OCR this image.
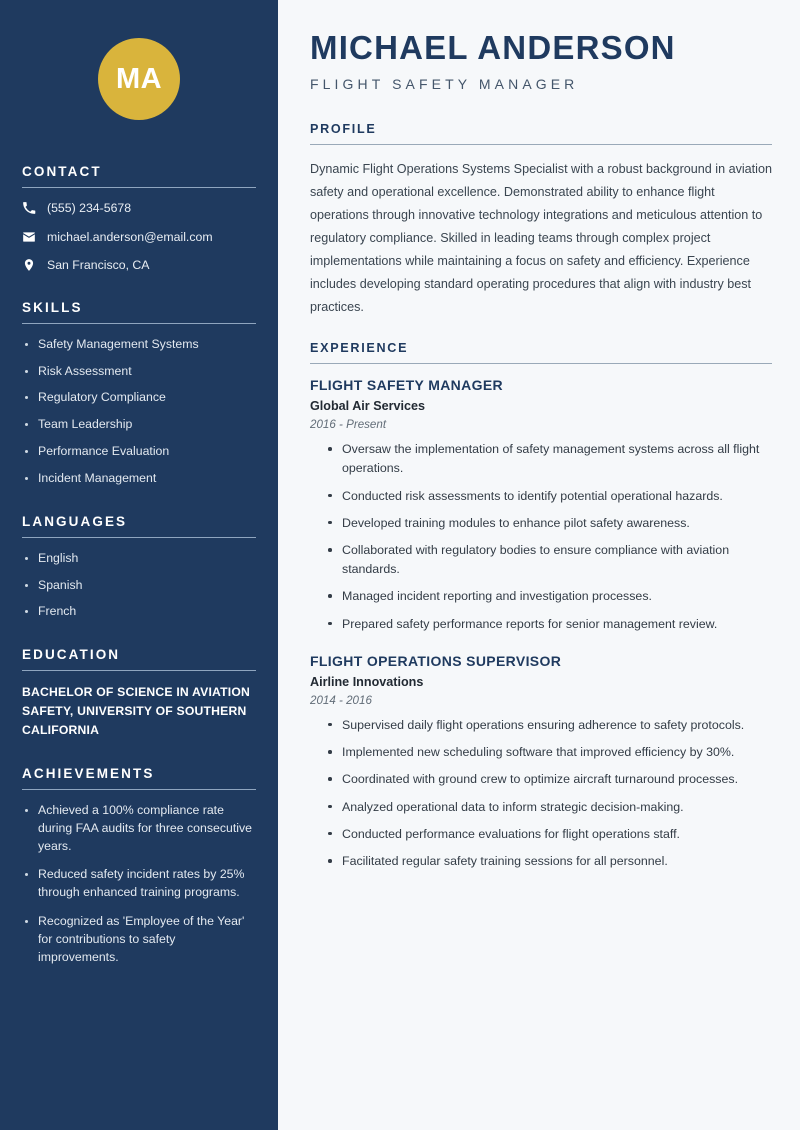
MA
CONTACT
(555) 234-5678
michael.anderson@email.com
San Francisco, CA
SKILLS
Safety Management Systems
Risk Assessment
Regulatory Compliance
Team Leadership
Performance Evaluation
Incident Management
LANGUAGES
English
Spanish
French
EDUCATION
BACHELOR OF SCIENCE IN AVIATION SAFETY, UNIVERSITY OF SOUTHERN CALIFORNIA
ACHIEVEMENTS
Achieved a 100% compliance rate during FAA audits for three consecutive years.
Reduced safety incident rates by 25% through enhanced training programs.
Recognized as 'Employee of the Year' for contributions to safety improvements.
MICHAEL ANDERSON
FLIGHT SAFETY MANAGER
PROFILE

Dynamic Flight Operations Systems Specialist with a robust background in aviation safety and operational excellence. Demonstrated ability to enhance flight operations through innovative technology integrations and meticulous attention to regulatory compliance. Skilled in leading teams through complex project implementations while maintaining a focus on safety and efficiency. Experience includes developing standard operating procedures that align with industry best practices.

EXPERIENCE
FLIGHT SAFETY MANAGER
Global Air Services
2016 - Present
Oversaw the implementation of safety management systems across all flight operations.
Conducted risk assessments to identify potential operational hazards.
Developed training modules to enhance pilot safety awareness.
Collaborated with regulatory bodies to ensure compliance with aviation standards.
Managed incident reporting and investigation processes.
Prepared safety performance reports for senior management review.
FLIGHT OPERATIONS SUPERVISOR
Airline Innovations
2014 - 2016
Supervised daily flight operations ensuring adherence to safety protocols.
Implemented new scheduling software that improved efficiency by 30%.
Coordinated with ground crew to optimize aircraft turnaround processes.
Analyzed operational data to inform strategic decision-making.
Conducted performance evaluations for flight operations staff.
Facilitated regular safety training sessions for all personnel.
